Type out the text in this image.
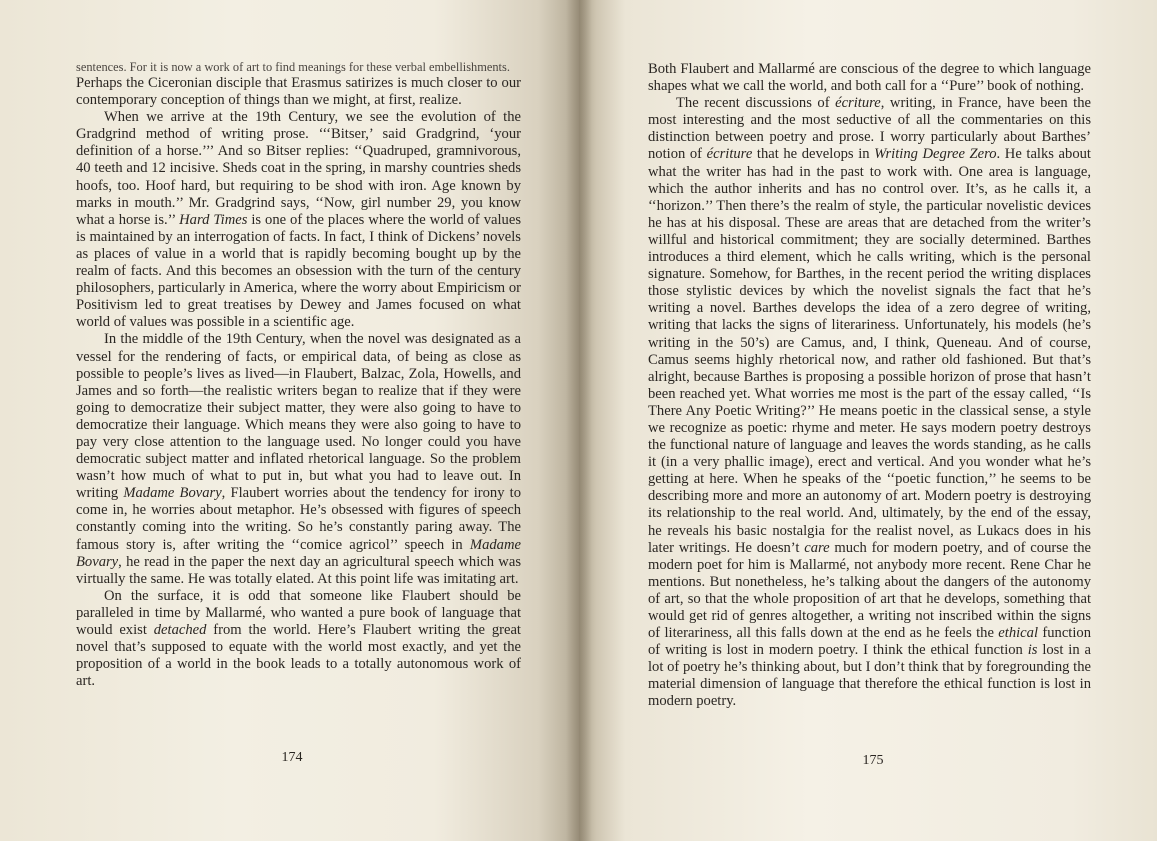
sentences. For it is now a work of art to find meanings for these verbal embellishments.

Perhaps the Ciceronian disciple that Erasmus satirizes is much closer to our contemporary conception of things than we might, at first, realize.

When we arrive at the 19th Century, we see the evolution of the Gradgrind method of writing prose. ‘‘‘Bitser,’ said Gradgrind, ‘your definition of a horse.’’’ And so Bitser replies: ‘‘Quadruped, gramnivorous, 40 teeth and 12 incisive. Sheds coat in the spring, in marshy countries sheds hoofs, too. Hoof hard, but requiring to be shod with iron. Age known by marks in mouth.’’ Mr. Gradgrind says, ‘‘Now, girl number 29, you know what a horse is.’’ Hard Times is one of the places where the world of values is maintained by an interrogation of facts. In fact, I think of Dickens’ novels as places of value in a world that is rapidly becoming bought up by the realm of facts. And this becomes an obsession with the turn of the century philosophers, particularly in America, where the worry about Empiricism or Positivism led to great treatises by Dewey and James focused on what world of values was possible in a scientific age.

In the middle of the 19th Century, when the novel was designated as a vessel for the rendering of facts, or empirical data, of being as close as possible to people’s lives as lived—in Flaubert, Balzac, Zola, Howells, and James and so forth—the realistic writers began to realize that if they were going to democratize their subject matter, they were also going to have to democratize their language. Which means they were also going to have to pay very close attention to the language used. No longer could you have democratic subject matter and inflated rhetorical language. So the problem wasn’t how much of what to put in, but what you had to leave out. In writing Madame Bovary, Flaubert worries about the tendency for irony to come in, he worries about metaphor. He’s obsessed with figures of speech constantly coming into the writing. So he’s constantly paring away. The famous story is, after writing the ‘‘comice agricol’’ speech in Madame Bovary, he read in the paper the next day an agricultural speech which was virtually the same. He was totally elated. At this point life was imitating art.

On the surface, it is odd that someone like Flaubert should be paralleled in time by Mallarmé, who wanted a pure book of language that would exist detached from the world. Here’s Flaubert writing the great novel that’s supposed to equate with the world most exactly, and yet the proposition of a world in the book leads to a totally autonomous work of art.

174	175

Both Flaubert and Mallarmé are conscious of the degree to which language shapes what we call the world, and both call for a ‘‘Pure’’ book of nothing.

The recent discussions of écriture, writing, in France, have been the most interesting and the most seductive of all the commentaries on this distinction between poetry and prose. I worry particularly about Barthes’ notion of écriture that he develops in Writing Degree Zero. He talks about what the writer has had in the past to work with. One area is language, which the author inherits and has no control over. It’s, as he calls it, a ‘‘horizon.’’ Then there’s the realm of style, the particular novelistic devices he has at his disposal. These are areas that are detached from the writer’s willful and historical commitment; they are socially determined. Barthes introduces a third element, which he calls writing, which is the personal signature. Somehow, for Barthes, in the recent period the writing displaces those stylistic devices by which the novelist signals the fact that he’s writing a novel. Barthes develops the idea of a zero degree of writing, writing that lacks the signs of literariness. Unfortunately, his models (he’s writing in the 50’s) are Camus, and, I think, Queneau. And of course, Camus seems highly rhetorical now, and rather old fashioned. But that’s alright, because Barthes is proposing a possible horizon of prose that hasn’t been reached yet. What worries me most is the part of the essay called, ‘‘Is There Any Poetic Writing?’’ He means poetic in the classical sense, a style we recognize as poetic: rhyme and meter. He says modern poetry destroys the functional nature of language and leaves the words standing, as he calls it (in a very phallic image), erect and vertical. And you wonder what he’s getting at here. When he speaks of the ‘‘poetic function,’’ he seems to be describing more and more an autonomy of art. Modern poetry is destroying its relationship to the real world. And, ultimately, by the end of the essay, he reveals his basic nostalgia for the realist novel, as Lukacs does in his later writings. He doesn’t care much for modern poetry, and of course the modern poet for him is Mallarmé, not anybody more recent. Rene Char he mentions. But nonetheless, he’s talking about the dangers of the autonomy of art, so that the whole proposition of art that he develops, something that would get rid of genres altogether, a writing not inscribed within the signs of literariness, all this falls down at the end as he feels the ethical function of writing is lost in modern poetry. I think the ethical function is lost in a lot of poetry he’s thinking about, but I don’t think that by foregrounding the material dimension of language that therefore the ethical function is lost in modern poetry.
